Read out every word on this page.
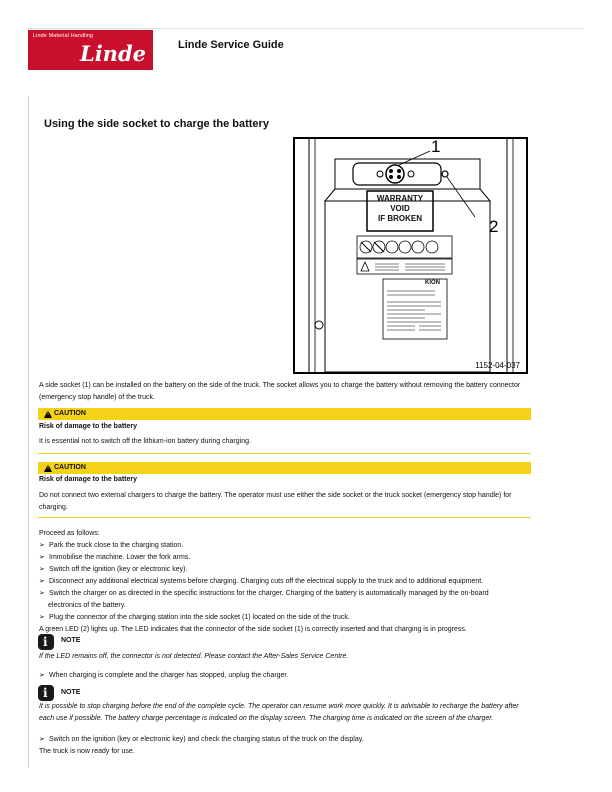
Linde Material Handling
Linde	Linde Service Guide
Using the side socket to charge the battery
1
2
WARRANTY
VOID
IF BROKEN
KION
1152-04-037
A side socket (1) can be installed on the battery on the side of the truck. The socket allows you to charge the battery without removing the battery connector
(emergency stop handle) of the truck.
!
CAUTION
Risk of damage to the battery
It is essential not to switch off the lithium-ion battery during charging.
!
CAUTION
Risk of damage to the battery
Do not connect two external chargers to charge the battery. The operator must use either the side socket or the truck socket (emergency stop handle) for
charging.
Proceed as follows:
➢ Park the truck close to the charging station.
➢ Immobilise the machine. Lower the fork arms.
➢ Switch off the ignition (key or electronic key).
➢ Disconnect any additional electrical systems before charging. Charging cuts off the electrical supply to the truck and to additional equipment.
➢ Switch the charger on as directed in the specific instructions for the charger. Charging of the battery is automatically managed by the on-board
electronics of the battery.
➢ Plug the connector of the charging station into the side socket (1) located on the side of the truck.
A green LED (2) lights up. The LED indicates that the connector of the side socket (1) is correctly inserted and that charging is in progress.
i
NOTE
If the LED remains off, the connector is not detected. Please contact the After-Sales Service Centre.
➢ When charging is complete and the charger has stopped, unplug the charger.
i
NOTE
It is possible to stop charging before the end of the complete cycle. The operator can resume work more quickly. It is advisable to recharge the battery after
each use if possible. The battery charge percentage is indicated on the display screen. The charging time is indicated on the screen of the charger.
➢ Switch on the ignition (key or electronic key) and check the charging status of the truck on the display.
The truck is now ready for use.
